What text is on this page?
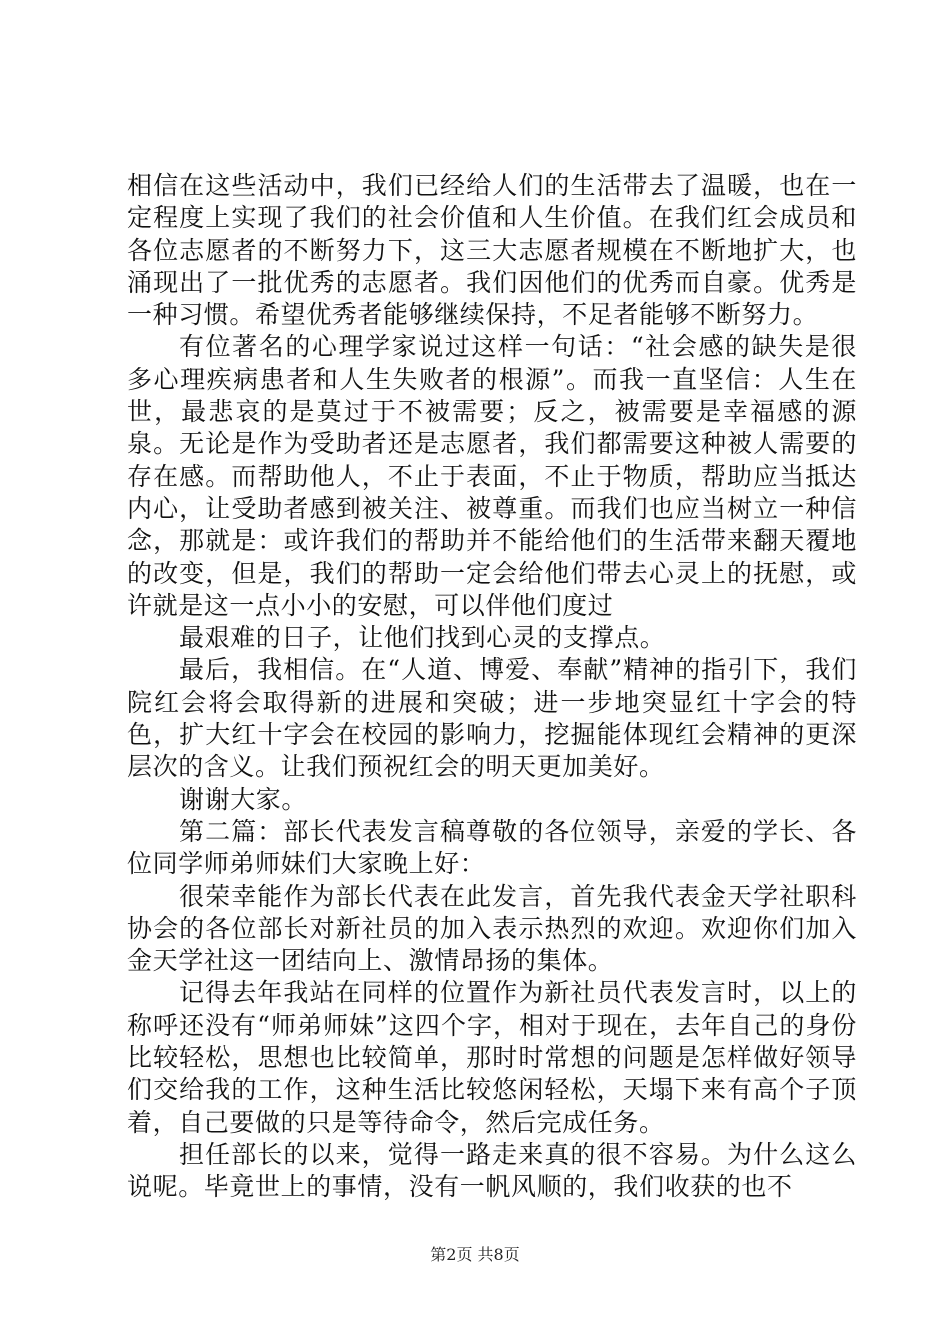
相信在这些活动中，我们已经给人们的生活带去了温暖，也在一定程度上实现了我们的社会价值和人生价值。在我们红会成员和各位志愿者的不断努力下，这三大志愿者规模在不断地扩大，也涌现出了一批优秀的志愿者。我们因他们的优秀而自豪。优秀是一种习惯。希望优秀者能够继续保持，不足者能够不断努力。

有位著名的心理学家说过这样一句话：“社会感的缺失是很多心理疾病患者和人生失败者的根源”。而我一直坚信：人生在世，最悲哀的是莫过于不被需要；反之，被需要是幸福感的源泉。无论是作为受助者还是志愿者，我们都需要这种被人需要的存在感。而帮助他人，不止于表面，不止于物质，帮助应当抵达内心，让受助者感到被关注、被尊重。而我们也应当树立一种信念，那就是：或许我们的帮助并不能给他们的生活带来翻天覆地的改变，但是，我们的帮助一定会给他们带去心灵上的抚慰，或许就是这一点小小的安慰，可以伴他们度过

最艰难的日子，让他们找到心灵的支撑点。

最后，我相信。在“人道、博爱、奉献”精神的指引下，我们院红会将会取得新的进展和突破；进一步地突显红十字会的特色，扩大红十字会在校园的影响力，挖掘能体现红会精神的更深层次的含义。让我们预祝红会的明天更加美好。

谢谢大家。

第二篇：部长代表发言稿尊敬的各位领导，亲爱的学长、各位同学师弟师妹们大家晚上好：

很荣幸能作为部长代表在此发言，首先我代表金天学社职科协会的各位部长对新社员的加入表示热烈的欢迎。欢迎你们加入金天学社这一团结向上、激情昂扬的集体。

记得去年我站在同样的位置作为新社员代表发言时，以上的称呼还没有“师弟师妹”这四个字，相对于现在，去年自己的身份比较轻松，思想也比较简单，那时时常想的问题是怎样做好领导们交给我的工作，这种生活比较悠闲轻松，天塌下来有高个子顶着，自己要做的只是等待命令，然后完成任务。

担任部长的以来，觉得一路走来真的很不容易。为什么这么说呢。毕竟世上的事情，没有一帆风顺的，我们收获的也不

第2页 共8页
